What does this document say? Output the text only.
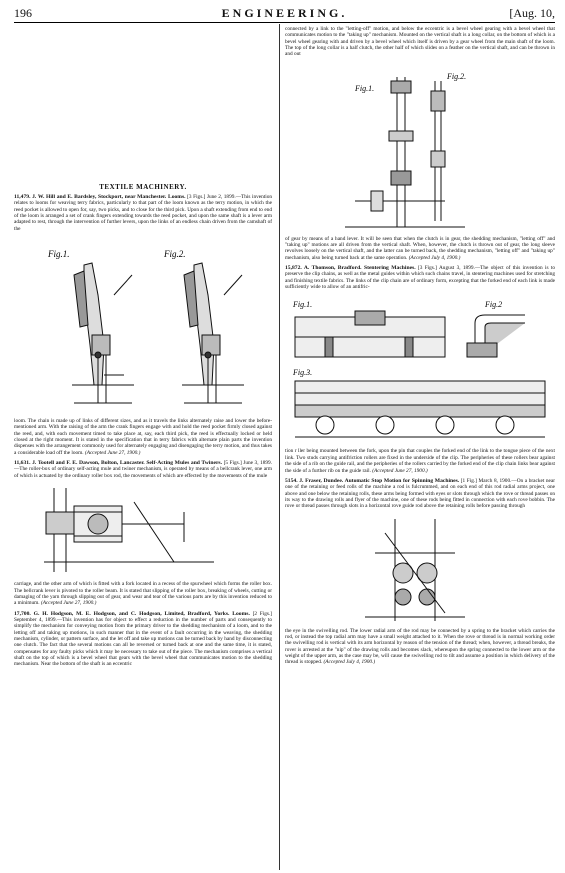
196	ENGINEERING.	[Aug. 10,
TEXTILE MACHINERY.

11,479. J. W. Hill and E. Bardsley, Stockport, near Manchester. Looms. [3 Figs.] June 2, 1899.—This invention relates to looms for weaving terry fabrics, particularly to that part of the loom known as the terry motion, in which the reed pocket is allowed to open for, say, two picks, and to close for the third pick. Upon a shaft extending from end to end of the loom is arranged a set of crank fingers extending towards the reed pocket, and upon the same shaft is a lever arm adapted to rest, through the intervention of further levers, upon the links of an endless chain driven from the camshaft of the

Fig.1.	Fig.2.

loom. The chain is made up of links of different sizes, and as it travels the links alternately raise and lower the before-mentioned arm. With the raising of the arm the crank fingers engage with and hold the reed pocket firmly closed against the reed, and, with each movement timed to take place at, say, each third pick, the reed is effectually locked or held closed at the right moment. It is stated in the specification that in terry fabrics with alternate plain parts the invention dispenses with the arrangement commonly used for alternately engaging and disengaging the terry motion, and thus takes a considerable load off the loom. (Accepted June 27, 1900.)

11,631. J. Tootell and F. E. Dawson, Bolton, Lancaster. Self-Acting Mules and Twiners. [5 Figs.] June 3, 1899.—The roller-box of ordinary self-acting mule and twiner mechanism, is operated by means of a bellcrank lever, one arm of which is actuated by the ordinary roller box rod, the movements of which are effected by the movements of the mule

carriage, and the other arm of which is fitted with a fork located in a recess of the spurwheel which forms the roller box. The bellcrank lever is pivoted to the roller beam. It is stated that slipping of the roller box, breaking of wheels, cutting or damaging of the yarn through slipping out of gear, and wear and tear of the various parts are by this invention reduced to a minimum. (Accepted June 27, 1900.)

17,700. G. H. Hodgson, M. E. Hodgson, and C. Hodgson, Limited, Bradford, Yorks. Looms. [2 Figs.] September 4, 1899.—This invention has for object to effect a reduction in the number of parts and consequently to simplify the mechanism for conveying motion from the primary driver to the shedding mechanism of a loom, and to the letting off and taking up motions, in such manner that in the event of a fault occurring in the weaving, the shedding mechanism, cylinder, or pattern surface, and the let off and take up motions can be turned back by hand by disconnecting one clutch. The fact that the several motions can all be reversed or turned back at one and the same time, it is stated, compensates for any faulty picks which it may be necessary to take out of the piece. The mechanism comprises a vertical shaft on the top of which is a bevel wheel that gears with the bevel wheel that communicates motion to the shedding mechanism. Near the bottom of the shaft is an eccentric

connected by a link to the "letting-off" motion, and below the eccentric is a bevel wheel gearing with a bevel wheel that communicates motion to the "taking up" mechanism. Mounted on the vertical shaft is a long collar, on the bottom of which is a bevel wheel gearing with and driven by a bevel wheel which itself is driven by a gear wheel from the main shaft of the loom. The top of the long collar is a half clutch, the other half of which slides on a feather on the vertical shaft, and can be thrown in and out

Fig.1.
Fig.2.

of gear by means of a hand lever. It will be seen that when the clutch is in gear, the shedding mechanism, "letting off" and "taking up" motions are all driven from the vertical shaft. When, however, the clutch is thrown out of gear, the long sleeve revolves loosely on the vertical shaft, and the latter can be turned back, the shedding mechanism, "letting off" and "taking up" mechanism, also being turned back at the same operation. (Accepted July 4, 1900.)

15,872. A. Thomson, Bradford. Stentering Machines. [3 Figs.] August 3, 1899.—The object of this invention is to preserve the clip chains, as well as the metal guides within which such chains travel, in stentering machines used for stretching and finishing textile fabrics. The links of the clip chain are of ordinary form, excepting that the forked end of each link is made sufficiently wide to allow of an antifric-

Fig.1.	Fig.2
Fig.3.

tion r ller being mounted between the fork, upon the pin that couples the forked end of the link to the tongue piece of the next link. Two studs carrying antifriction rollers are fixed in the underside of the clip. The peripheries of these rollers bear against the side of a rib on the guide rail, and the peripheries of the rollers carried by the forked end of the clip chain links bear against the side of a further rib on the guide rail. (Accepted June 27, 1900.)

5154. J. Fraser, Dundee. Automatic Stop Motion for Spinning Machines. [1 Fig.] March 8, 1900.—On a bracket near one of the retaining or feed rolls of the machine a rod is fulcrummed, and on each end of this rod radial arms project, one above and one below the retaining rolls, these arms being formed with eyes or slots through which the rove or thread passes on its way to the drawing rolls and flyer of the machine, one of these rods being fitted in connection with each rove bobbin. The rove or thread passes through slots in a horizontal rove guide rod above the retaining rolls before passing through

the eye in the swivelling rod. The lower radial arm of the rod may be connected by a spring to the bracket which carries the rod, or instead the top radial arm may have a small weight attached to it. When the rove or thread is in normal working order the swivelling rod is vertical with its arm horizontal by reason of the tension of the thread; when, however, a thread breaks, the rover is arrested at the "nip" of the drawing rolls and becomes slack, whereupon the spring connected to the lower arm or the weight of the upper arm, as the case may be, will cause the swivelling rod to tilt and assume a position in which delivery of the thread is stopped. (Accepted July 4, 1900.)
